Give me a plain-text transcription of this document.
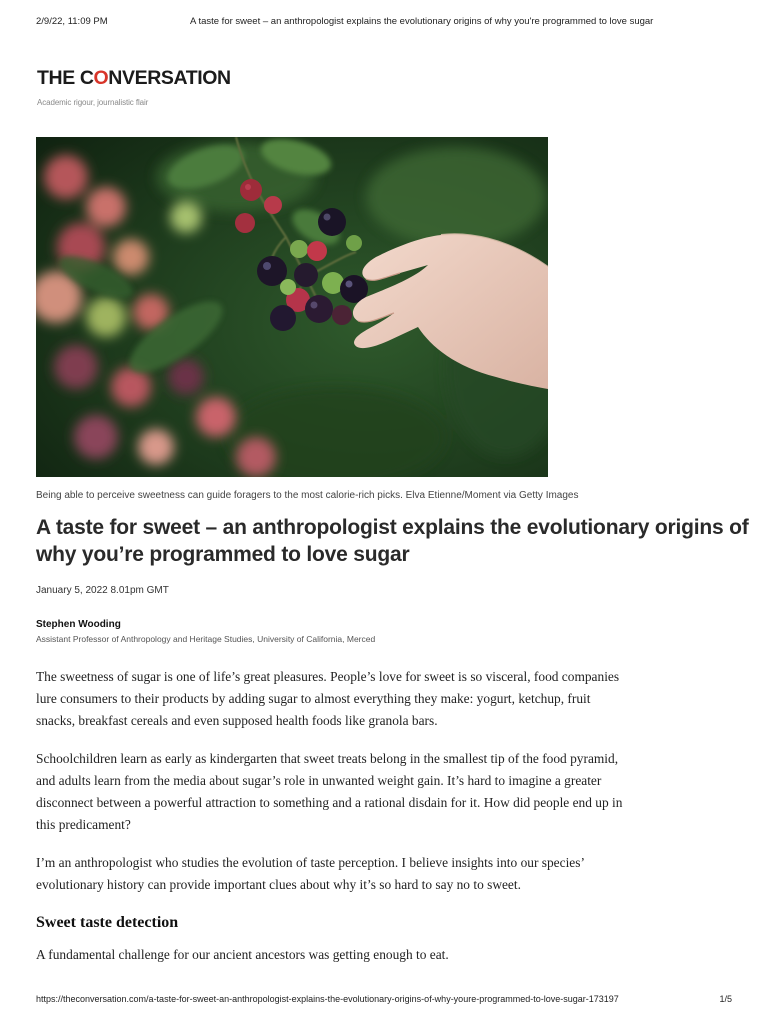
2/9/22, 11:09 PM	A taste for sweet – an anthropologist explains the evolutionary origins of why you're programmed to love sugar
THE CONVERSATION
Academic rigour, journalistic flair
Being able to perceive sweetness can guide foragers to the most calorie-rich picks. Elva Etienne/Moment via Getty Images
A taste for sweet – an anthropologist explains the evolutionary origins of why you’re programmed to love sugar
January 5, 2022 8.01pm GMT
Stephen Wooding
Assistant Professor of Anthropology and Heritage Studies, University of California, Merced

The sweetness of sugar is one of life’s great pleasures. People’s love for sweet is so visceral, food companies lure consumers to their products by adding sugar to almost everything they make: yogurt, ketchup, fruit snacks, breakfast cereals and even supposed health foods like granola bars.

Schoolchildren learn as early as kindergarten that sweet treats belong in the smallest tip of the food pyramid, and adults learn from the media about sugar’s role in unwanted weight gain. It’s hard to imagine a greater disconnect between a powerful attraction to something and a rational disdain for it. How did people end up in this predicament?

I’m an anthropologist who studies the evolution of taste perception. I believe insights into our species’ evolutionary history can provide important clues about why it’s so hard to say no to sweet.

Sweet taste detection

A fundamental challenge for our ancient ancestors was getting enough to eat.

https://theconversation.com/a-taste-for-sweet-an-anthropologist-explains-the-evolutionary-origins-of-why-youre-programmed-to-love-sugar-173197	1/5
